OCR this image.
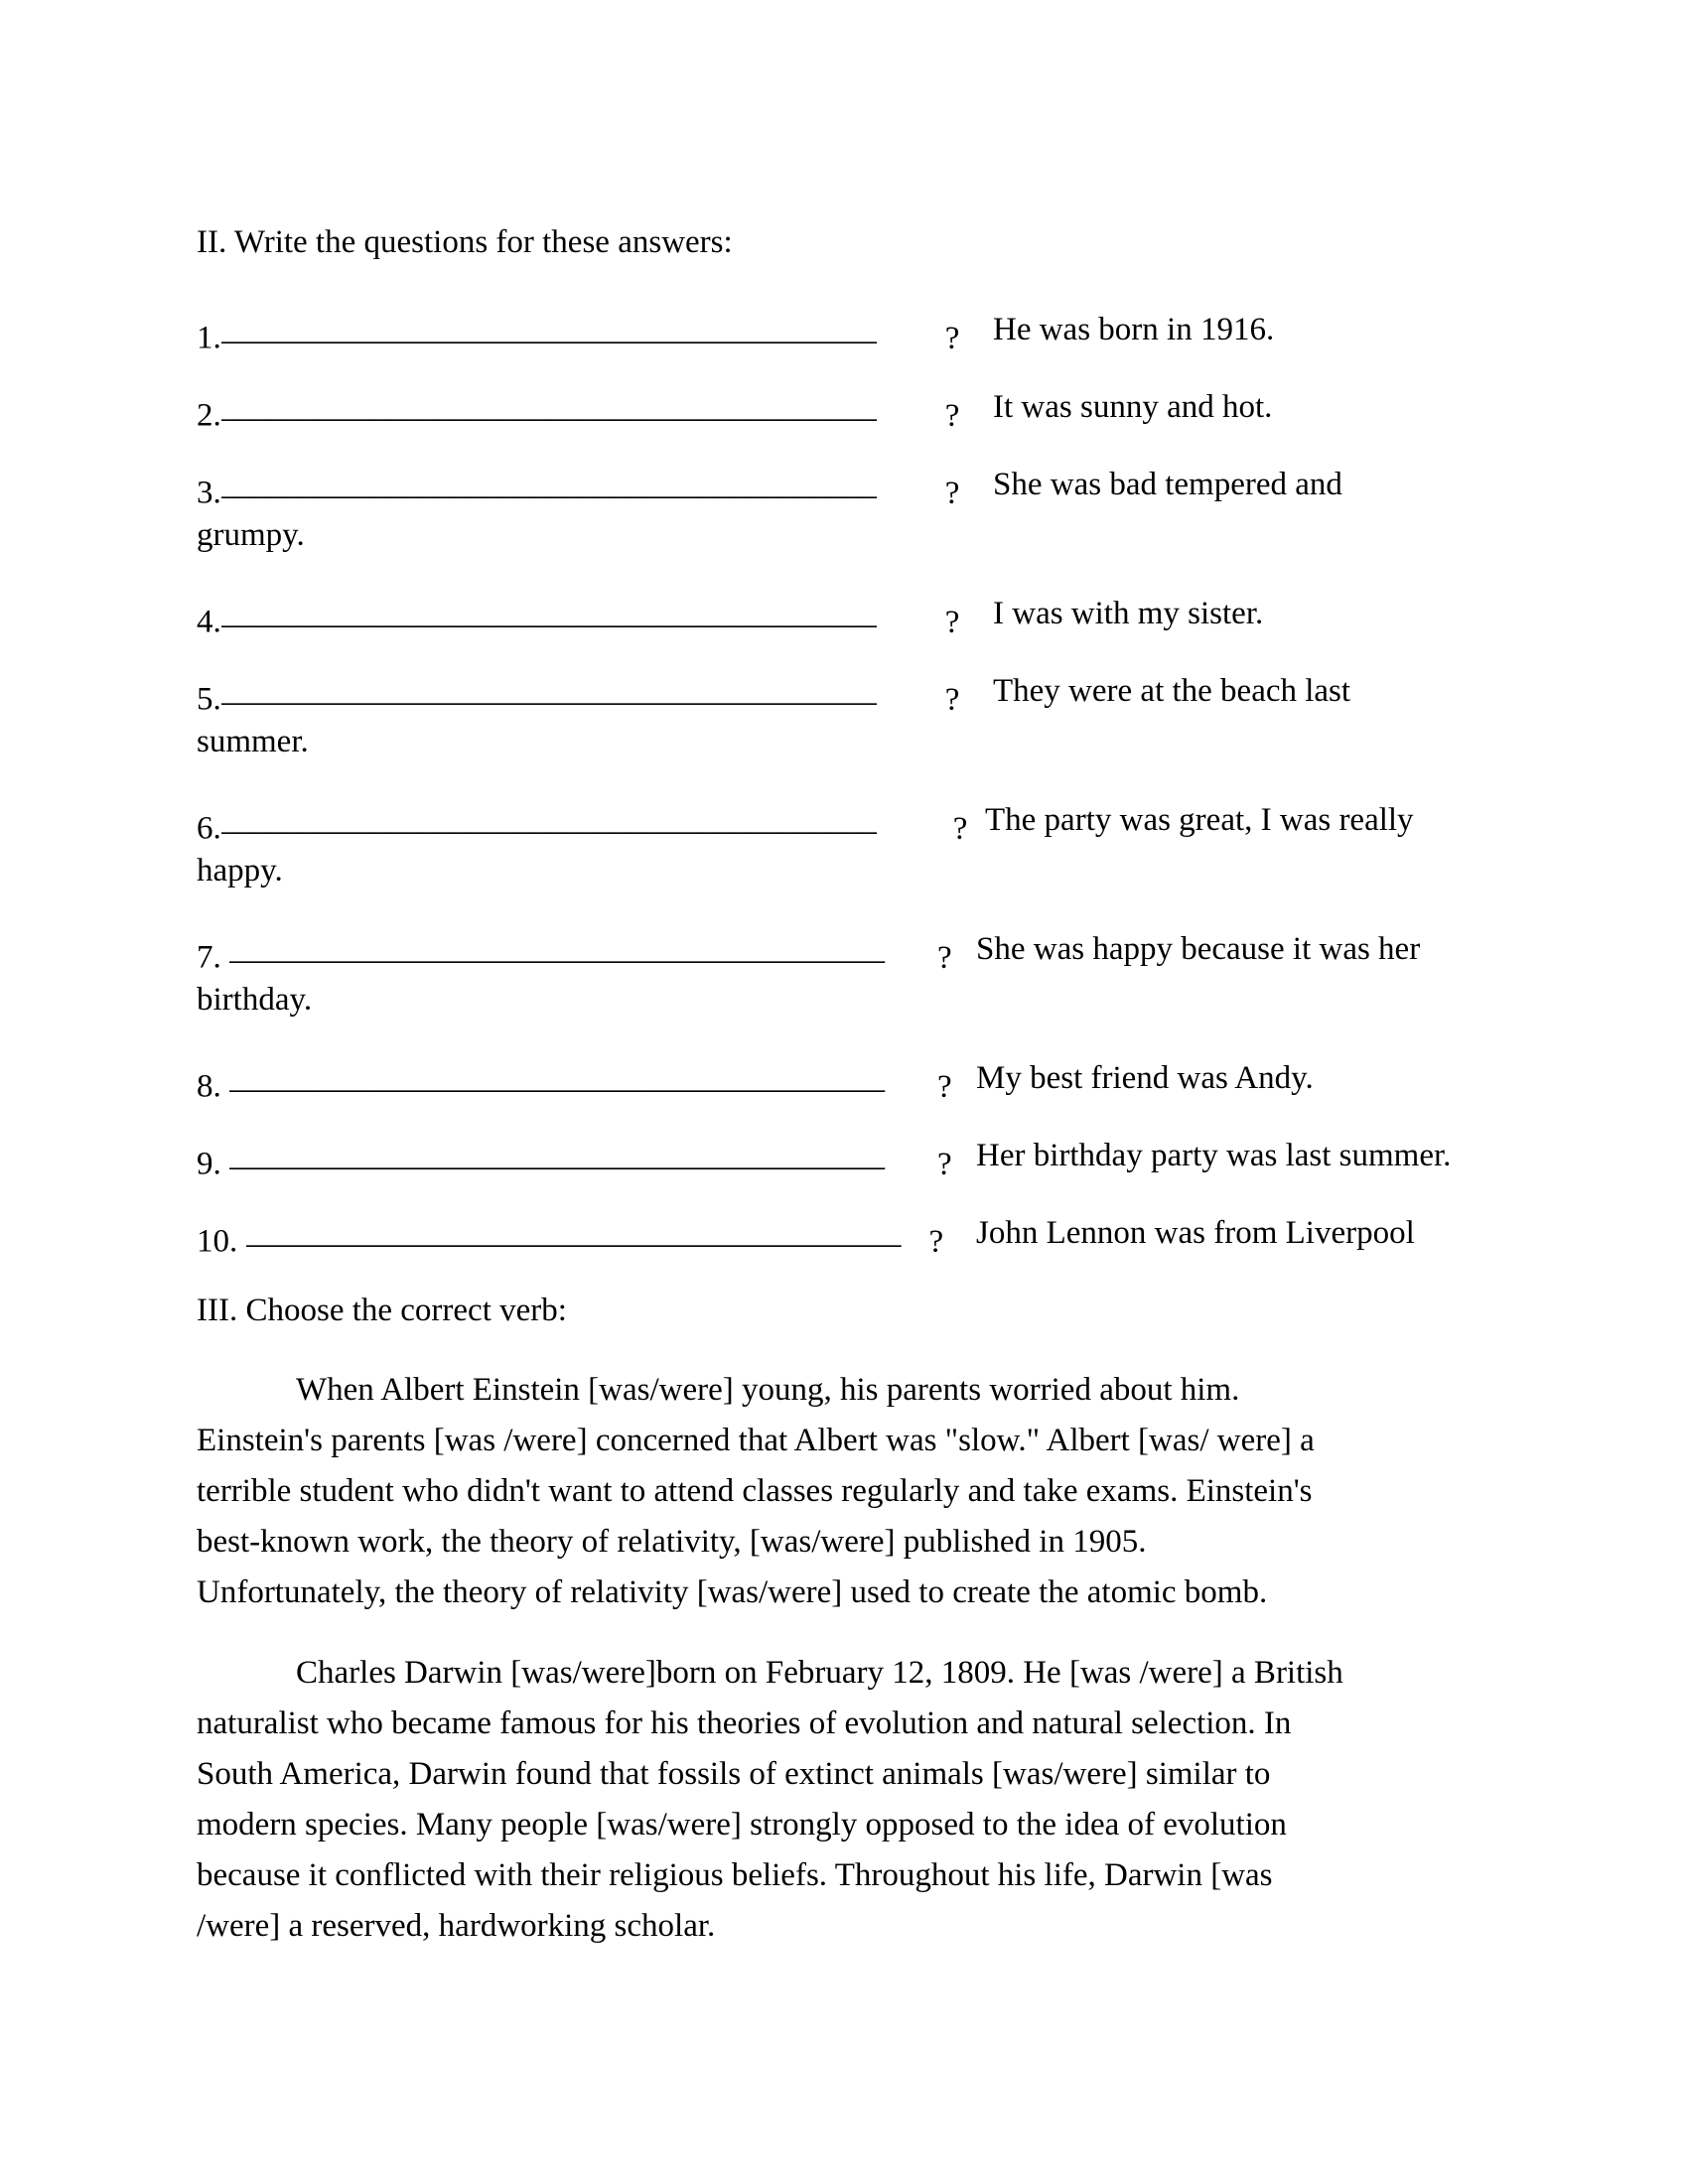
II. Write the questions for these answers:
1.________________________________________ ? He was born in 1916.
2.________________________________________ ? It was sunny and hot.
3.________________________________________ ? She was bad tempered and
grumpy.
4.________________________________________ ? I was with my sister.
5.________________________________________ ? They were at the beach last
summer.
6.________________________________________ ? The party was great, I was really
happy.
7. ________________________________________ ? She was happy because it was her
birthday.
8. ________________________________________ ? My best friend was Andy.
9. ________________________________________ ? Her birthday party was last summer.
10. ________________________________________ ? John Lennon was from Liverpool
III. Choose the correct verb:
When Albert Einstein [was/were] young, his parents worried about him.
Einstein's parents [was /were] concerned that Albert was "slow." Albert [was/ were] a
terrible student who didn't want to attend classes regularly and take exams. Einstein's
best-known work, the theory of relativity, [was/were] published in 1905.
Unfortunately, the theory of relativity [was/were] used to create the atomic bomb.
Charles Darwin [was/were]born on February 12, 1809. He [was /were] a British
naturalist who became famous for his theories of evolution and natural selection. In
South America, Darwin found that fossils of extinct animals [was/were] similar to
modern species. Many people [was/were] strongly opposed to the idea of evolution
because it conflicted with their religious beliefs. Throughout his life, Darwin [was
/were] a reserved, hardworking scholar.
